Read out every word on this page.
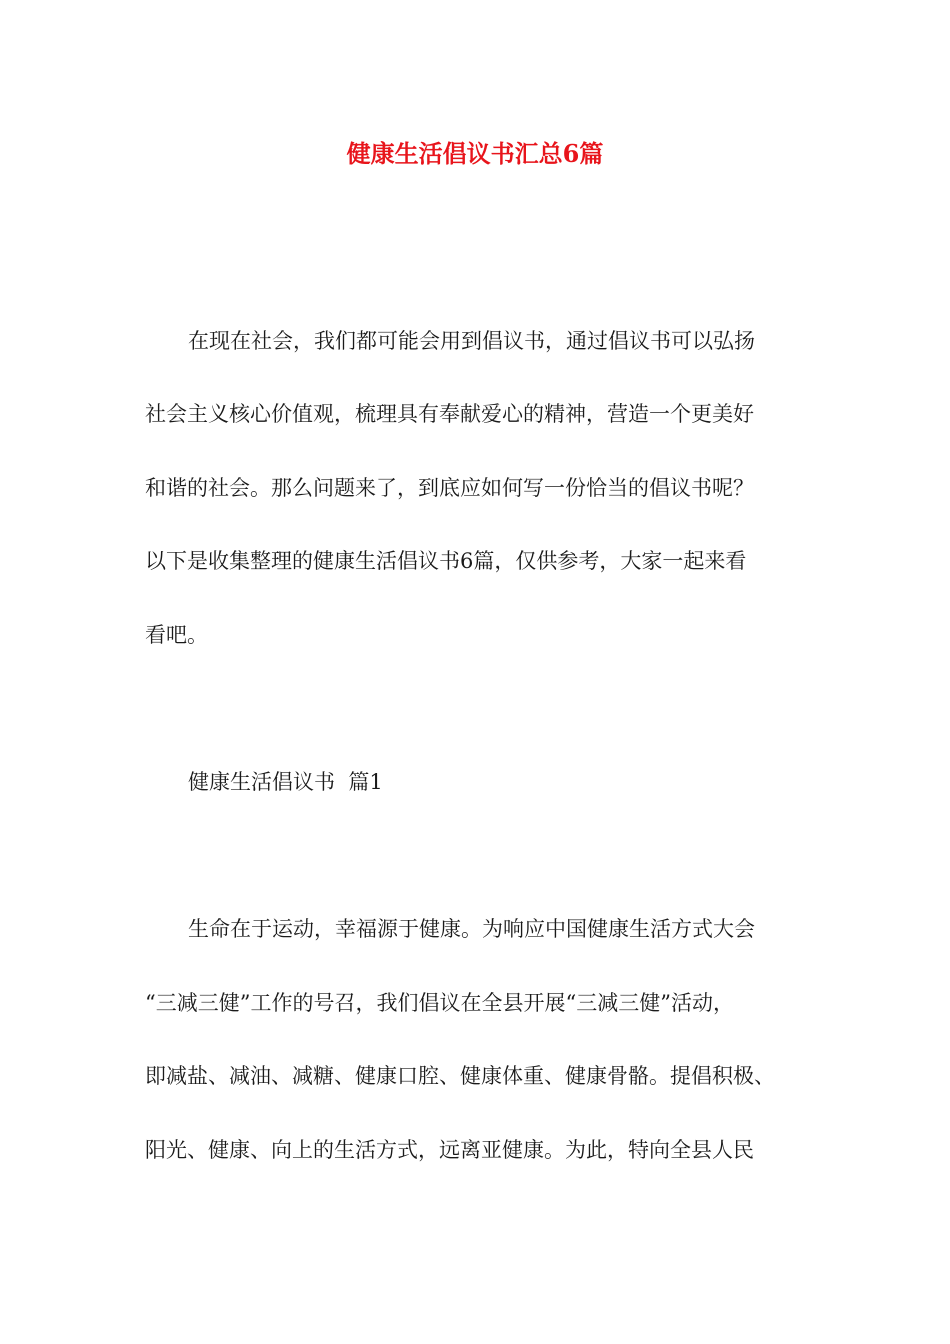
健康生活倡议书汇总6篇
在现在社会，我们都可能会用到倡议书，通过倡议书可以弘扬
社会主义核心价值观，梳理具有奉献爱心的精神，营造一个更美好
和谐的社会。那么问题来了，到底应如何写一份恰当的倡议书呢？
以下是收集整理的健康生活倡议书6篇，仅供参考，大家一起来看
看吧。
健康生活倡议书  篇1
生命在于运动，幸福源于健康。为响应中国健康生活方式大会
“三减三健”工作的号召，我们倡议在全县开展“三减三健”活动，
即减盐、减油、减糖、健康口腔、健康体重、健康骨骼。提倡积极、
阳光、健康、向上的生活方式，远离亚健康。为此，特向全县人民
